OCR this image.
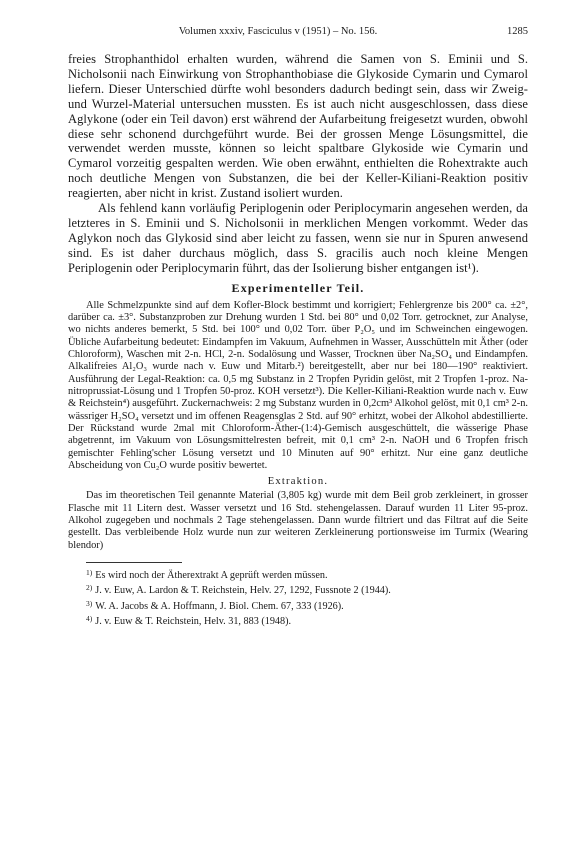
Volumen xxxiv, Fasciculus v (1951) – No. 156.	1285

freies Strophanthidol erhalten wurden, während die Samen von S. Eminii und S. Nicholsonii nach Einwirkung von Strophanthobiase die Glykoside Cymarin und Cymarol liefern. Dieser Unterschied dürfte wohl besonders dadurch bedingt sein, dass wir Zweig- und Wurzel-Material untersuchen mussten. Es ist auch nicht ausgeschlossen, dass diese Aglykone (oder ein Teil davon) erst während der Aufarbeitung freigesetzt wurden, obwohl diese sehr schonend durchgeführt wurde. Bei der grossen Menge Lösungsmittel, die verwendet werden musste, können so leicht spaltbare Glykoside wie Cymarin und Cymarol vorzeitig gespalten werden. Wie oben erwähnt, enthielten die Rohextrakte auch noch deutliche Mengen von Substanzen, die bei der Keller-Kiliani-Reaktion positiv reagierten, aber nicht in krist. Zustand isoliert wurden.

Als fehlend kann vorläufig Periplogenin oder Periplocymarin angesehen werden, da letzteres in S. Eminii und S. Nicholsonii in merklichen Mengen vorkommt. Weder das Aglykon noch das Glykosid sind aber leicht zu fassen, wenn sie nur in Spuren anwesend sind. Es ist daher durchaus möglich, dass S. gracilis auch noch kleine Mengen Periplogenin oder Periplocymarin führt, das der Isolierung bisher entgangen ist¹).

Experimenteller Teil.

Alle Schmelzpunkte sind auf dem Kofler-Block bestimmt und korrigiert; Fehlergrenze bis 200° ca. ±2°, darüber ca. ±3°. Substanzproben zur Drehung wurden 1 Std. bei 80° und 0,02 Torr. getrocknet, zur Analyse, wo nichts anderes bemerkt, 5 Std. bei 100° und 0,02 Torr. über P₂O₅ und im Schweinchen eingewogen. Übliche Aufarbeitung bedeutet: Eindampfen im Vakuum, Aufnehmen in Wasser, Ausschütteln mit Äther (oder Chloroform), Waschen mit 2-n. HCl, 2-n. Sodalösung und Wasser, Trocknen über Na₂SO₄ und Eindampfen. Alkalifreies Al₂O₃ wurde nach v. Euw und Mitarb.²) bereitgestellt, aber nur bei 180—190° reaktiviert. Ausführung der Legal-Reaktion: ca. 0,5 mg Substanz in 2 Tropfen Pyridin gelöst, mit 2 Tropfen 1-proz. Na-nitroprussiat-Lösung und 1 Tropfen 50-proz. KOH versetzt³). Die Keller-Kiliani-Reaktion wurde nach v. Euw & Reichstein⁴) ausgeführt. Zuckernachweis: 2 mg Substanz wurden in 0,2cm³ Alkohol gelöst, mit 0,1 cm³ 2-n. wässriger H₂SO₄ versetzt und im offenen Reagensglas 2 Std. auf 90° erhitzt, wobei der Alkohol abdestillierte. Der Rückstand wurde 2mal mit Chloroform-Äther-(1:4)-Gemisch ausgeschüttelt, die wässerige Phase abgetrennt, im Vakuum von Lösungsmittelresten befreit, mit 0,1 cm³ 2-n. NaOH und 6 Tropfen frisch gemischter Fehling'scher Lösung versetzt und 10 Minuten auf 90° erhitzt. Nur eine ganz deutliche Abscheidung von Cu₂O wurde positiv bewertet.

Extraktion.

Das im theoretischen Teil genannte Material (3,805 kg) wurde mit dem Beil grob zerkleinert, in grosser Flasche mit 11 Litern dest. Wasser versetzt und 16 Std. stehengelassen. Darauf wurden 11 Liter 95-proz. Alkohol zugegeben und nochmals 2 Tage stehengelassen. Dann wurde filtriert und das Filtrat auf die Seite gestellt. Das verbleibende Holz wurde nun zur weiteren Zerkleinerung portionsweise im Turmix (Wearing blendor)

$^{1)}$ Es wird noch der Ätherextrakt A geprüft werden müssen.
$^{2)}$ J. v. Euw, A. Lardon & T. Reichstein, Helv. 27, 1292, Fussnote 2 (1944).
$^{3)}$ W. A. Jacobs & A. Hoffmann, J. Biol. Chem. 67, 333 (1926).
$^{4)}$ J. v. Euw & T. Reichstein, Helv. 31, 883 (1948).
